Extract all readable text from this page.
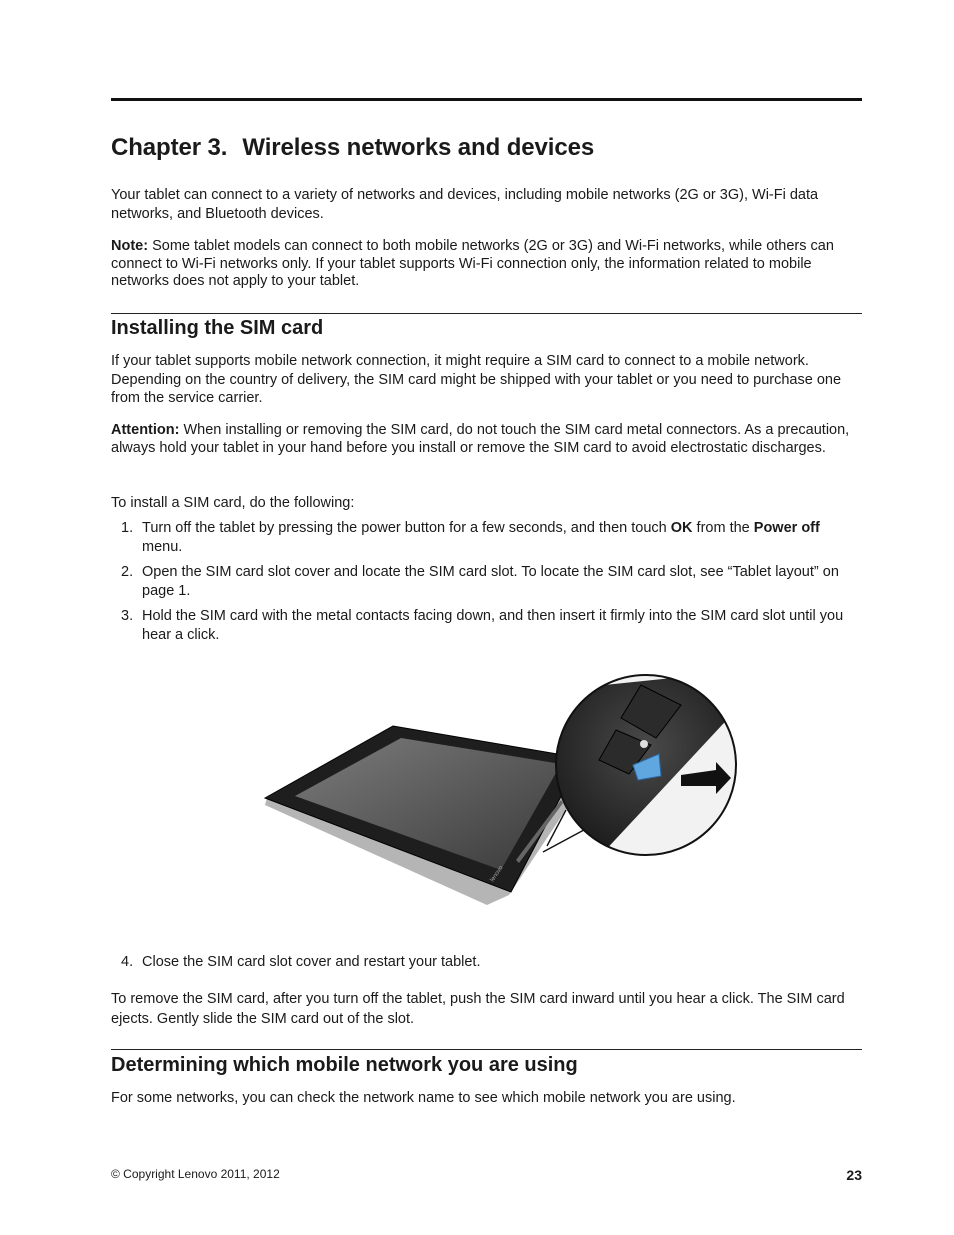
Chapter 3. Wireless networks and devices

Your tablet can connect to a variety of networks and devices, including mobile networks (2G or 3G), Wi-Fi data networks, and Bluetooth devices.

Note: Some tablet models can connect to both mobile networks (2G or 3G) and Wi-Fi networks, while others can connect to Wi-Fi networks only. If your tablet supports Wi-Fi connection only, the information related to mobile networks does not apply to your tablet.

Installing the SIM card

If your tablet supports mobile network connection, it might require a SIM card to connect to a mobile network. Depending on the country of delivery, the SIM card might be shipped with your tablet or you need to purchase one from the service carrier.

Attention: When installing or removing the SIM card, do not touch the SIM card metal connectors. As a precaution, always hold your tablet in your hand before you install or remove the SIM card to avoid electrostatic discharges.

To install a SIM card, do the following:

1. Turn off the tablet by pressing the power button for a few seconds, and then touch OK from the Power off menu.
2. Open the SIM card slot cover and locate the SIM card slot. To locate the SIM card slot, see “Tablet layout” on page 1.
3. Hold the SIM card with the metal contacts facing down, and then insert it firmly into the SIM card slot until you hear a click.
lenovo
4. Close the SIM card slot cover and restart your tablet.

To remove the SIM card, after you turn off the tablet, push the SIM card inward until you hear a click. The SIM card ejects. Gently slide the SIM card out of the slot.

Determining which mobile network you are using

For some networks, you can check the network name to see which mobile network you are using.

© Copyright Lenovo 2011, 2012	23
